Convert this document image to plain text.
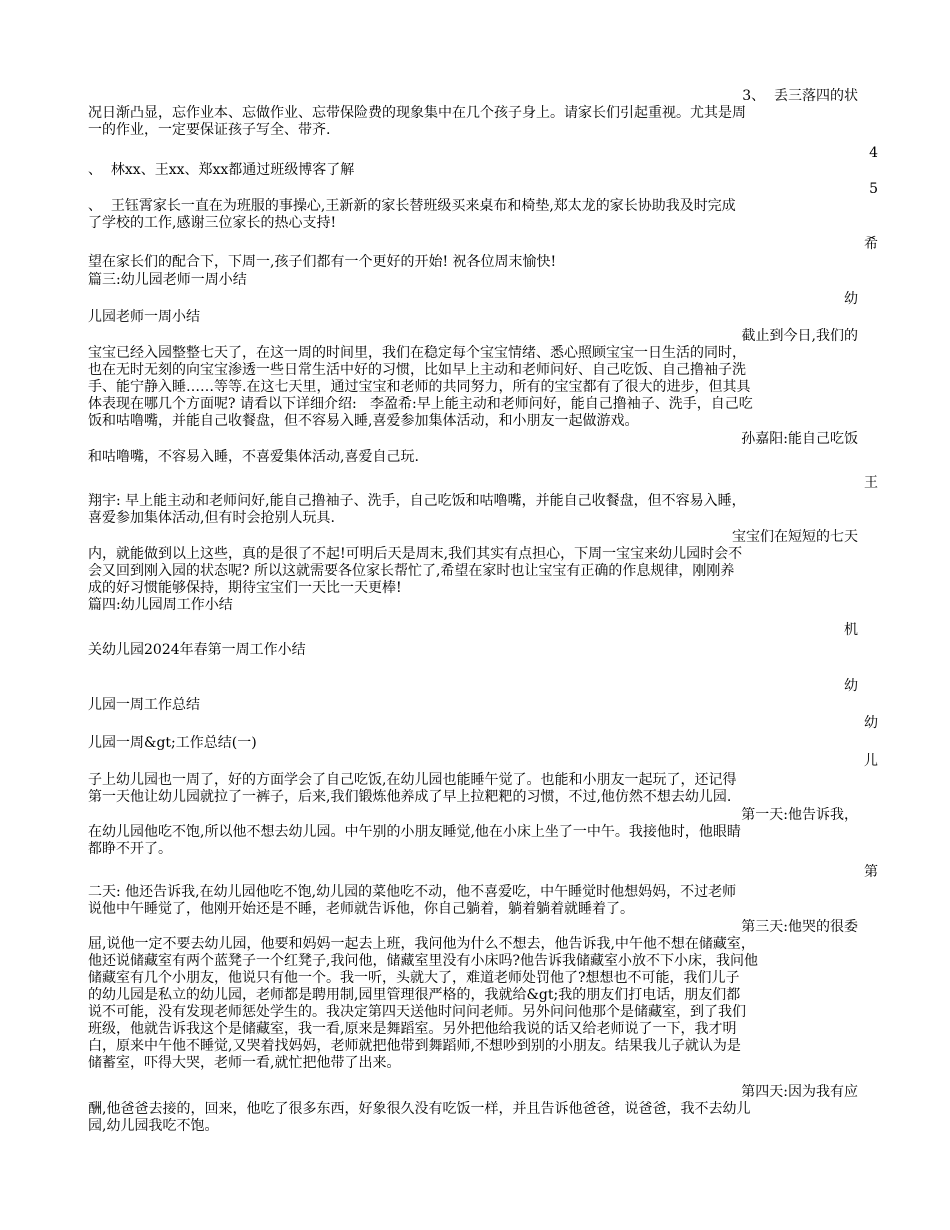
3、  丢三落四的状
况日渐凸显，忘作业本、忘做作业、忘带保险费的现象集中在几个孩子身上。请家长们引起重视。尤其是周
一的作业，一定要保证孩子写全、带齐.
4
、  林xx、王xx、郑xx都通过班级博客了解
5
、  王钰霄家长一直在为班服的事操心,王新新的家长替班级买来桌布和椅垫,郑太龙的家长协助我及时完成
了学校的工作,感谢三位家长的热心支持!
希
望在家长们的配合下，下周一,孩子们都有一个更好的开始! 祝各位周末愉快!
篇三:幼儿园老师一周小结
幼
儿园老师一周小结
截止到今日,我们的
宝宝已经入园整整七天了，在这一周的时间里，我们在稳定每个宝宝情绪、悉心照顾宝宝一日生活的同时，
也在无时无刻的向宝宝渗透一些日常生活中好的习惯，比如早上主动和老师问好、自己吃饭、自己撸袖子洗
手、能宁静入睡……等等.在这七天里，通过宝宝和老师的共同努力，所有的宝宝都有了很大的进步，但其具
体表现在哪几个方面呢? 请看以下详细介绍:   李盈希:早上能主动和老师问好，能自己撸袖子、洗手，自己吃
饭和咕噜嘴，并能自己收餐盘，但不容易入睡,喜爱参加集体活动，和小朋友一起做游戏。
孙嘉阳:能自己吃饭
和咕噜嘴，不容易入睡，不喜爱集体活动,喜爱自己玩.
王
翔宇: 早上能主动和老师问好,能自己撸袖子、洗手，自己吃饭和咕噜嘴，并能自己收餐盘，但不容易入睡，
喜爱参加集体活动,但有时会抢别人玩具.
宝宝们在短短的七天
内，就能做到以上这些，真的是很了不起!可明后天是周末,我们其实有点担心，下周一宝宝来幼儿园时会不
会又回到刚入园的状态呢? 所以这就需要各位家长帮忙了,希望在家时也让宝宝有正确的作息规律，刚刚养
成的好习惯能够保持，期待宝宝们一天比一天更棒!
篇四:幼儿园周工作小结
机
关幼儿园2024年春第一周工作小结
幼
儿园一周工作总结
幼
儿园一周&gt;工作总结(一)
儿
子上幼儿园也一周了，好的方面学会了自己吃饭,在幼儿园也能睡午觉了。也能和小朋友一起玩了，还记得
第一天他让幼儿园就拉了一裤子，后来,我们锻炼他养成了早上拉粑粑的习惯，不过,他仿然不想去幼儿园.
第一天:他告诉我，
在幼儿园他吃不饱,所以他不想去幼儿园。中午别的小朋友睡觉,他在小床上坐了一中午。我接他时，他眼睛
都睁不开了。
第
二天: 他还告诉我,在幼儿园他吃不饱,幼儿园的菜他吃不动，他不喜爱吃，中午睡觉时他想妈妈，不过老师
说他中午睡觉了，他刚开始还是不睡，老师就告诉他，你自己躺着，躺着躺着就睡着了。
第三天:他哭的很委
屈,说他一定不要去幼儿园，他要和妈妈一起去上班，我问他为什么不想去，他告诉我,中午他不想在储藏室，
他还说储藏室有两个蓝凳子一个红凳子,我问他，储藏室里没有小床吗?他告诉我储藏室小放不下小床，我问他
储藏室有几个小朋友，他说只有他一个。我一听，头就大了，难道老师处罚他了?想想也不可能，我们儿子
的幼儿园是私立的幼儿园，老师都是聘用制,园里管理很严格的，我就给&gt;我的朋友们打电话，朋友们都
说不可能，没有发现老师惩处学生的。我决定第四天送他时问问老师。另外问问他那个是储藏室，到了我们
班级，他就告诉我这个是储藏室，我一看,原来是舞蹈室。另外把他给我说的话又给老师说了一下，我才明
白，原来中午他不睡觉,又哭着找妈妈，老师就把他带到舞蹈师,不想吵到别的小朋友。结果我儿子就认为是
储蓄室，吓得大哭，老师一看,就忙把他带了出来。
第四天:因为我有应
酬,他爸爸去接的，回来，他吃了很多东西，好象很久没有吃饭一样，并且告诉他爸爸，说爸爸，我不去幼儿
园,幼儿园我吃不饱。
